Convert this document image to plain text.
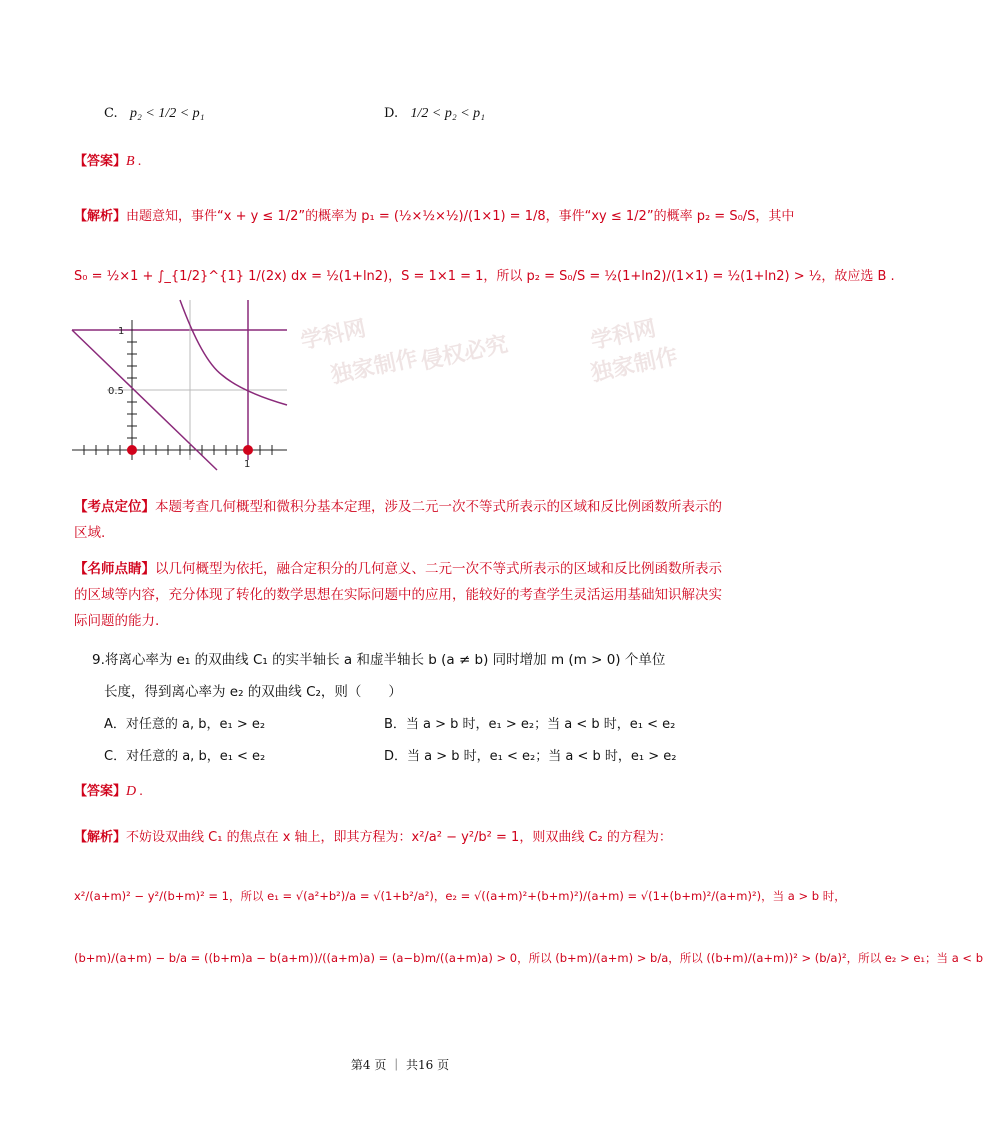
学科网
独家制作
侵权必究	学科网
独家制作
C. p₂ < 1/2 < p₁	D. 1/2 < p₂ < p₁
【答案】B .
【解析】由题意知，事件“x + y ≤ 1/2”的概率为 p₁ = (½×½×½)/(1×1) = 1/8，事件“xy ≤ 1/2”的概率 p₂ = S₀/S，其中
S₀ = ½×1 + ∫_{1/2}^{1} 1/(2x) dx = ½(1+ln2)，S = 1×1 = 1，所以 p₂ = S₀/S = ½(1+ln2)/(1×1) = ½(1+ln2) > ½，故应选 B .
1
0.5
1
【考点定位】本题考查几何概型和微积分基本定理，涉及二元一次不等式所表示的区域和反比例函数所表示的区域.
【名师点睛】以几何概型为依托，融合定积分的几何意义、二元一次不等式所表示的区域和反比例函数所表示的区域等内容，充分体现了转化的数学思想在实际问题中的应用，能较好的考查学生灵活运用基础知识解决实际问题的能力.
9.将离心率为 e₁ 的双曲线 C₁ 的实半轴长 a 和虚半轴长 b (a ≠ b) 同时增加 m (m > 0) 个单位
长度，得到离心率为 e₂ 的双曲线 C₂，则（　　）
A．对任意的 a, b，e₁ > e₂	B．当 a > b 时，e₁ > e₂；当 a < b 时，e₁ < e₂
C．对任意的 a, b，e₁ < e₂	D．当 a > b 时，e₁ < e₂；当 a < b 时，e₁ > e₂
【答案】D .
【解析】不妨设双曲线 C₁ 的焦点在 x 轴上，即其方程为：x²/a² − y²/b² = 1，则双曲线 C₂ 的方程为：
x²/(a+m)² − y²/(b+m)² = 1，所以 e₁ = √(a²+b²)/a = √(1+b²/a²)，e₂ = √((a+m)²+(b+m)²)/(a+m) = √(1+(b+m)²/(a+m)²)，当 a > b 时，
(b+m)/(a+m) − b/a = ((b+m)a − b(a+m))/((a+m)a) = (a−b)m/((a+m)a) > 0，所以 (b+m)/(a+m) > b/a，所以 ((b+m)/(a+m))² > (b/a)²，所以 e₂ > e₁；当 a < b
第4 页 ｜ 共16 页
